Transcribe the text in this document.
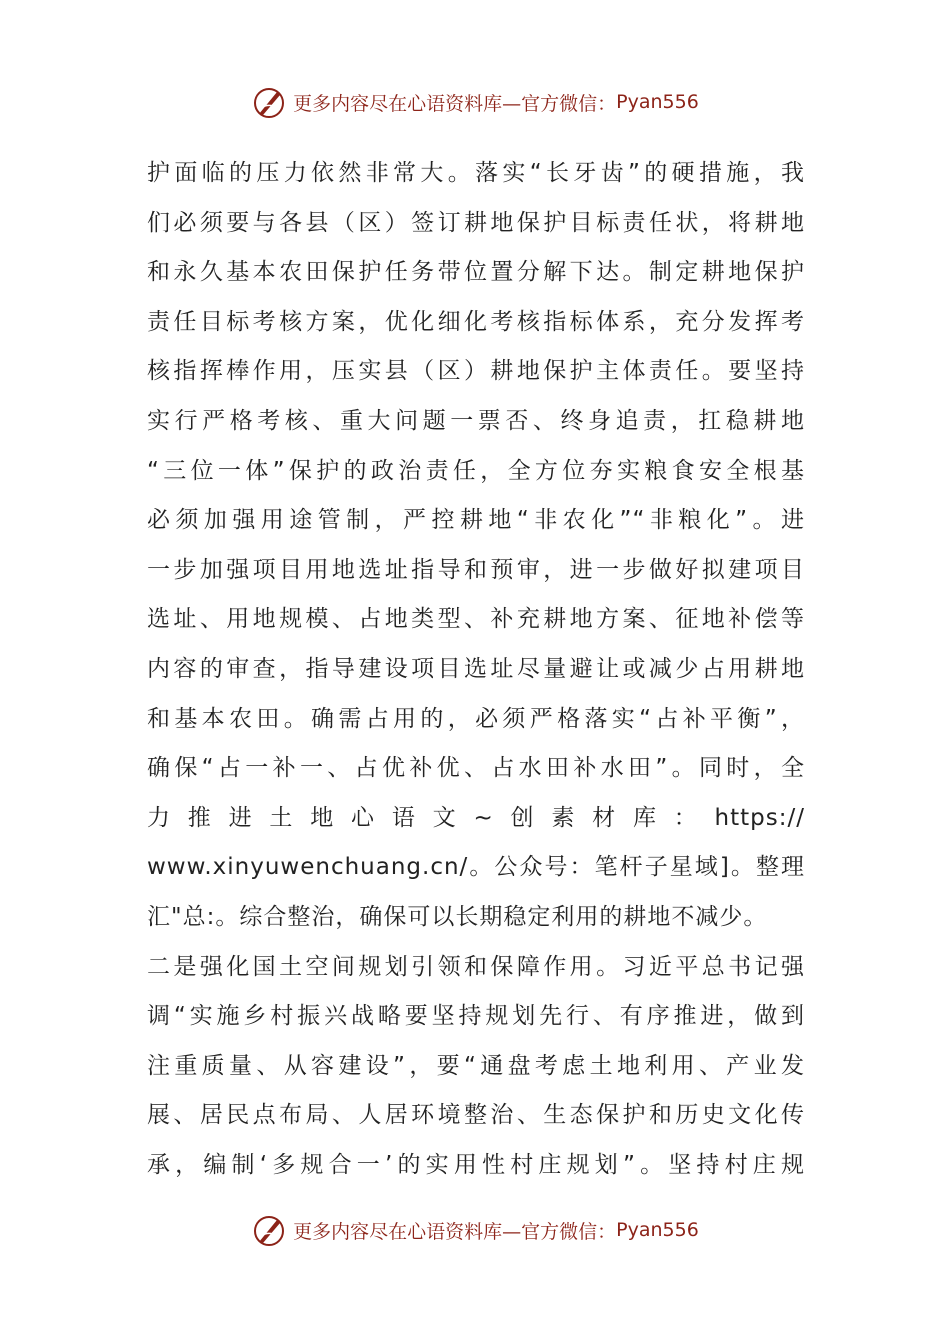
更多内容尽在心语资料库—官方微信： Pyan556
护面临的压力依然非常大。落实“长牙齿”的硬措施，我
们必须要与各县（区）签订耕地保护目标责任状，将耕地
和永久基本农田保护任务带位置分解下达。制定耕地保护
责任目标考核方案，优化细化考核指标体系，充分发挥考
核指挥棒作用，压实县（区）耕地保护主体责任。要坚持
实行严格考核、重大问题一票否、终身追责，扛稳耕地
“三位一体”保护的政治责任，全方位夯实粮食安全根基
必须加强用途管制，严控耕地“非农化”“非粮化”。进
一步加强项目用地选址指导和预审，进一步做好拟建项目
选址、用地规模、占地类型、补充耕地方案、征地补偿等
内容的审查，指导建设项目选址尽量避让或减少占用耕地
和基本农田。确需占用的，必须严格落实“占补平衡”，
确保“占一补一、占优补优、占水田补水田”。同时，全
力推进土地心语文~创素材库：https://
www.xinyuwenchuang.cn/。公众号：笔杆子星域]。整理
汇"总:。综合整治，确保可以长期稳定利用的耕地不减少。
二是强化国土空间规划引领和保障作用。习近平总书记强
调“实施乡村振兴战略要坚持规划先行、有序推进，做到
注重质量、从容建设”，要“通盘考虑土地利用、产业发
展、居民点布局、人居环境整治、生态保护和历史文化传
承，编制‘多规合一’的实用性村庄规划”。坚持村庄规
更多内容尽在心语资料库—官方微信： Pyan556
